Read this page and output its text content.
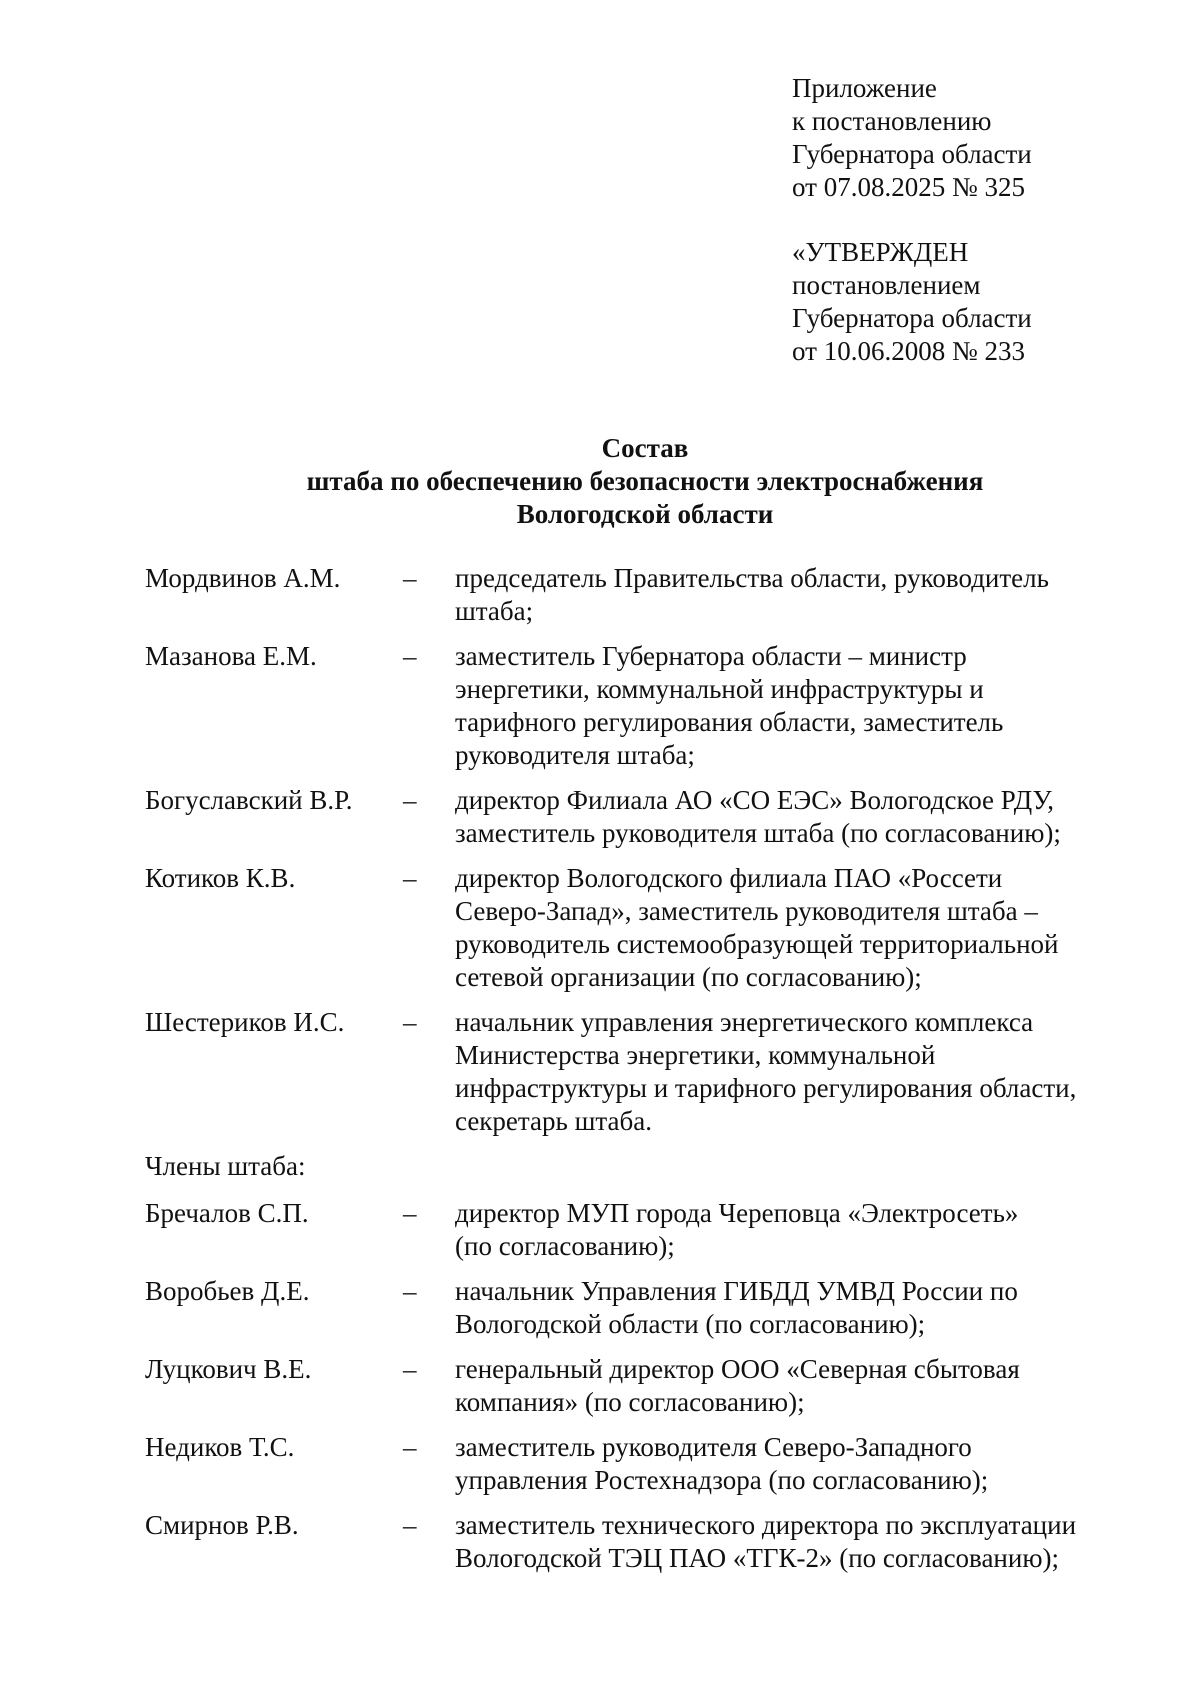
Приложение
к постановлению
Губернатора области
от 07.08.2025 № 325
«УТВЕРЖДЕН
постановлением
Губернатора области
от 10.06.2008 № 233
Состав
штаба по обеспечению безопасности электроснабжения
Вологодской области
Мордвинов А.М.	–	председатель Правительства области, руководитель
штаба;
Мазанова Е.М.	–	заместитель Губернатора области – министр
энергетики, коммунальной инфраструктуры и
тарифного регулирования области, заместитель
руководителя штаба;
Богуславский В.Р.	–	директор Филиала АО «СО ЕЭС» Вологодское РДУ,
заместитель руководителя штаба (по согласованию);
Котиков К.В.	–	директор Вологодского филиала ПАО «Россети
Северо-Запад», заместитель руководителя штаба –
руководитель системообразующей территориальной
сетевой организации (по согласованию);
Шестериков И.С.	–	начальник управления энергетического комплекса
Министерства энергетики, коммунальной
инфраструктуры и тарифного регулирования области,
секретарь штаба.
Члены штаба:
Бречалов С.П.	–	директор МУП города Череповца «Электросеть»
(по согласованию);
Воробьев Д.Е.	–	начальник Управления ГИБДД УМВД России по
Вологодской области (по согласованию);
Луцкович В.Е.	–	генеральный директор ООО «Северная сбытовая
компания» (по согласованию);
Недиков Т.С.	–	заместитель руководителя Северо-Западного
управления Ростехнадзора (по согласованию);
Смирнов Р.В.	–	заместитель технического директора по эксплуатации
Вологодской ТЭЦ ПАО «ТГК-2» (по согласованию);
